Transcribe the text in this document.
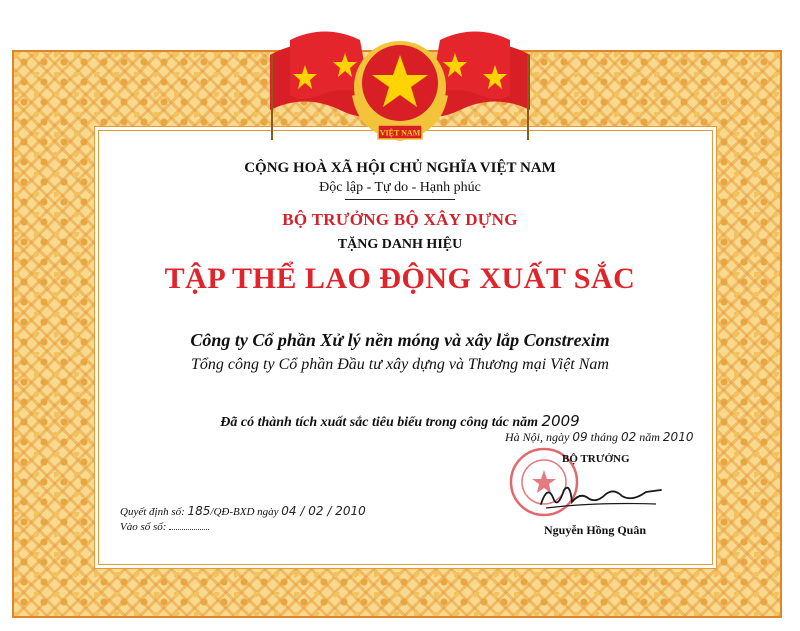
VIỆT NAM
CỘNG HOÀ XÃ HỘI CHỦ NGHĨA VIỆT NAM
Độc lập - Tự do - Hạnh phúc
BỘ TRƯỞNG BỘ XÂY DỰNG
TẶNG DANH HIỆU
TẬP THỂ LAO ĐỘNG XUẤT SẮC
Công ty Cổ phần Xử lý nền móng và xây lắp Constrexim
Tổng công ty Cổ phần Đầu tư xây dựng và Thương mại Việt Nam
Đã có thành tích xuất sắc tiêu biểu trong công tác năm 2009
Hà Nội, ngày 09 tháng 02 năm 2010
BỘ TRƯỞNG
Nguyễn Hồng Quân
Quyết định số: 185/QĐ-BXD ngày 04 / 02 / 2010
Vào sổ số:
